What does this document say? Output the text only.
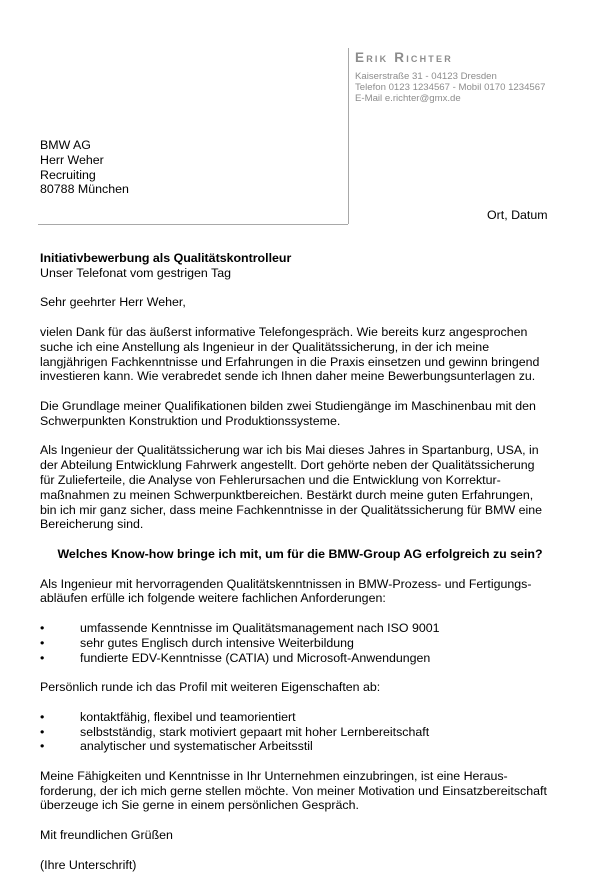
Erik Richter
Kaiserstraße 31 - 04123 Dresden
Telefon 0123 1234567 - Mobil 0170 1234567
E-Mail e.richter@gmx.de
BMW AG
Herr Weher
Recruiting
80788 München
Ort, Datum

Initiativbewerbung als Qualitätskontrolleur

Unser Telefonat vom gestrigen Tag

Sehr geehrter Herr Weher,

vielen Dank für das äußerst informative Telefongespräch. Wie bereits kurz angesprochen

suche ich eine Anstellung als Ingenieur in der Qualitätssicherung, in der ich meine

langjährigen Fachkenntnisse und Erfahrungen in die Praxis einsetzen und gewinn bringend

investieren kann. Wie verabredet sende ich Ihnen daher meine Bewerbungsunterlagen zu.

Die Grundlage meiner Qualifikationen bilden zwei Studiengänge im Maschinenbau mit den

Schwerpunkten Konstruktion und Produktionssysteme.

Als Ingenieur der Qualitätssicherung war ich bis Mai dieses Jahres in Spartanburg, USA, in

der Abteilung Entwicklung Fahrwerk angestellt. Dort gehörte neben der Qualitätssicherung

für Zulieferteile, die Analyse von Fehlerursachen und die Entwicklung von Korrektur-

maßnahmen zu meinen Schwerpunktbereichen. Bestärkt durch meine guten Erfahrungen,

bin ich mir ganz sicher, dass meine Fachkenntnisse in der Qualitätssicherung für BMW eine

Bereicherung sind.

Welches Know-how bringe ich mit, um für die BMW-Group AG erfolgreich zu sein?

Als Ingenieur mit hervorragenden Qualitätskenntnissen in BMW-Prozess- und Fertigungs-

abläufen erfülle ich folgende weitere fachlichen Anforderungen:

•	umfassende Kenntnisse im Qualitätsmanagement nach ISO 9001
•	sehr gutes Englisch durch intensive Weiterbildung
•	fundierte EDV-Kenntnisse (CATIA) und Microsoft-Anwendungen

Persönlich runde ich das Profil mit weiteren Eigenschaften ab:

•	kontaktfähig, flexibel und teamorientiert
•	selbstständig, stark motiviert gepaart mit hoher Lernbereitschaft
•	analytischer und systematischer Arbeitsstil

Meine Fähigkeiten und Kenntnisse in Ihr Unternehmen einzubringen, ist eine Heraus-

forderung, der ich mich gerne stellen möchte. Von meiner Motivation und Einsatzbereitschaft

überzeuge ich Sie gerne in einem persönlichen Gespräch.

Mit freundlichen Grüßen

(Ihre Unterschrift)
